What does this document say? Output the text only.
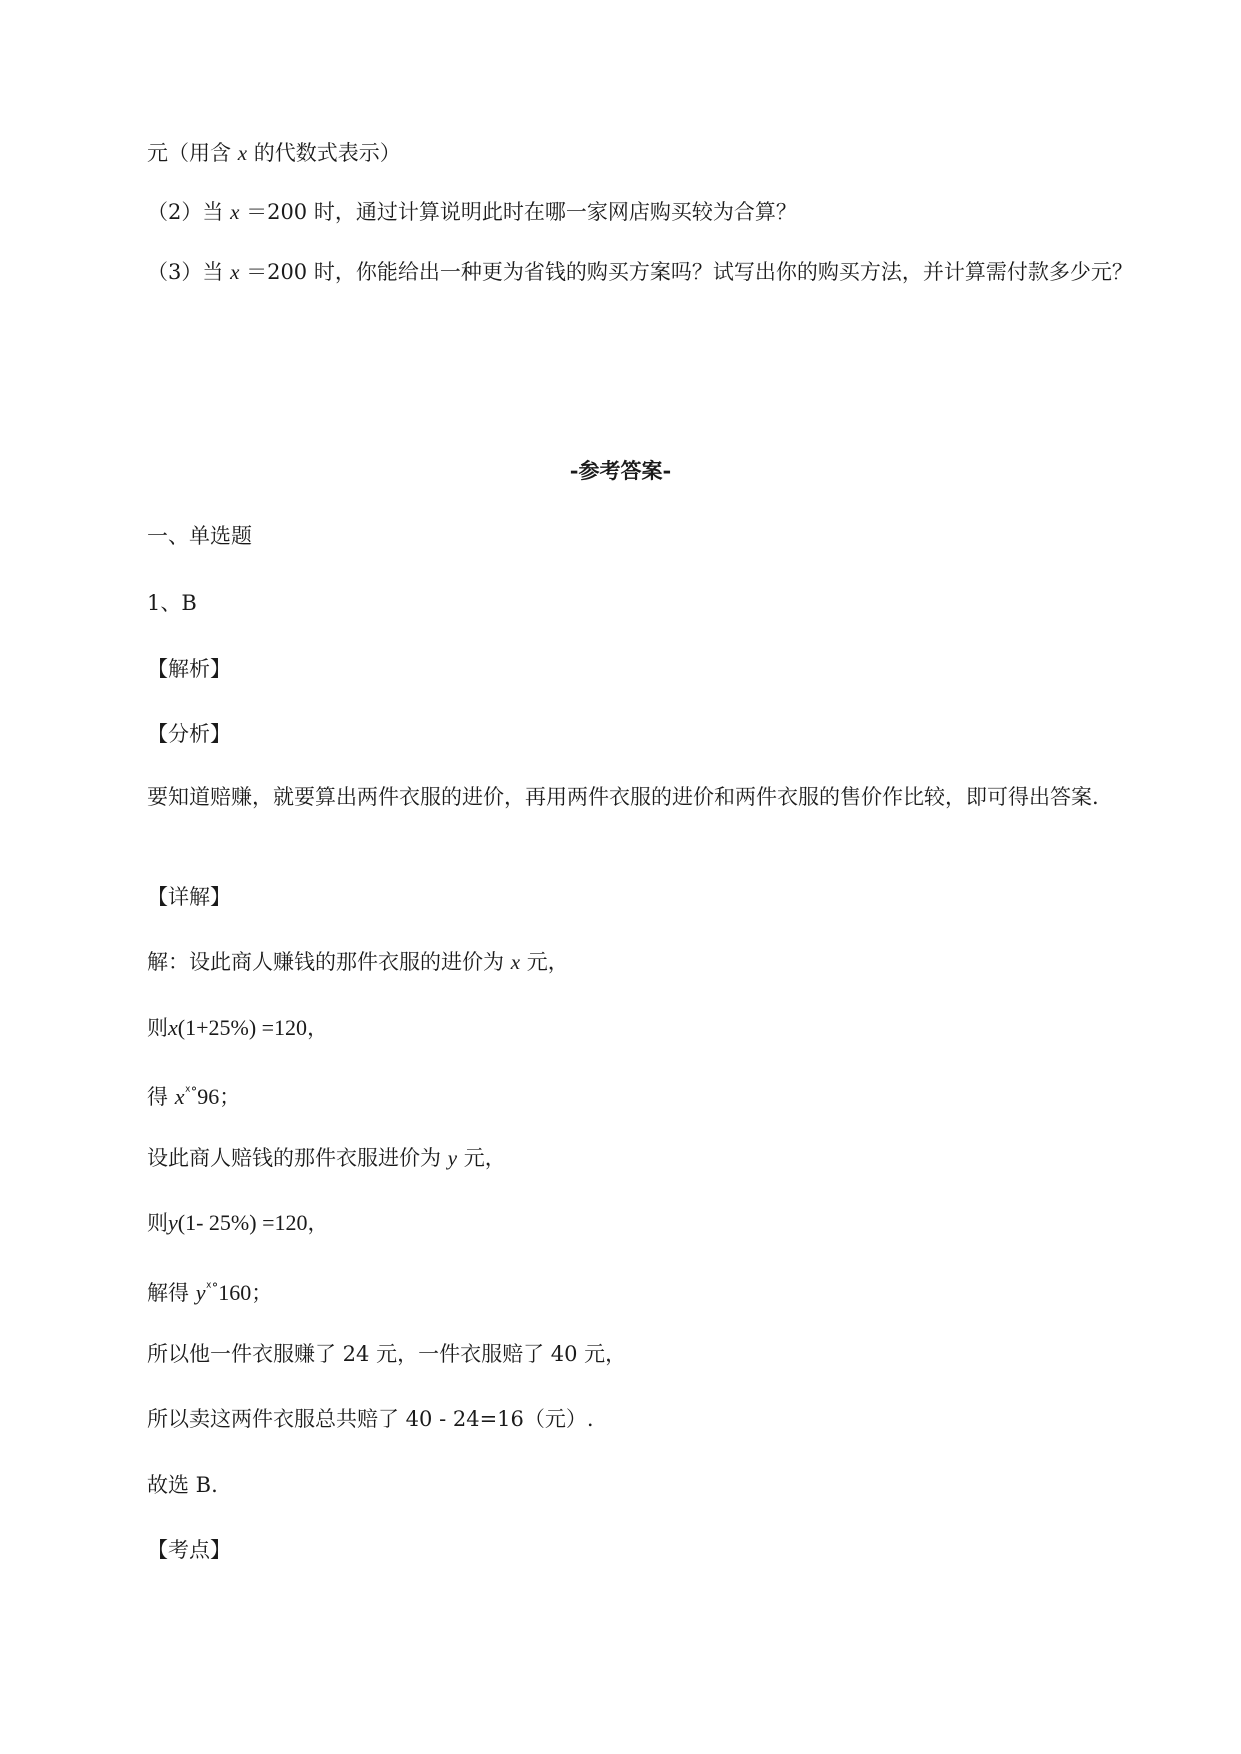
元（用含 x 的代数式表示）
（2）当 x ＝200 时，通过计算说明此时在哪一家网店购买较为合算？
（3）当 x ＝200 时，你能给出一种更为省钱的购买方案吗？试写出你的购买方法，并计算需付款多少元？
-参考答案-
一、单选题
1、B
【解析】
【分析】
要知道赔赚，就要算出两件衣服的进价，再用两件衣服的进价和两件衣服的售价作比较，即可得出答案.
【详解】
解：设此商人赚钱的那件衣服的进价为 x 元，
则x(1+25%) =120，
得 $x^{ᕁ^\circ}96$；
设此商人赔钱的那件衣服进价为 y 元，
则y(1- 25%) =120，
解得 $y^{ᕁ^\circ}160$；
所以他一件衣服赚了 24 元，一件衣服赔了 40 元，
所以卖这两件衣服总共赔了 40 - 24=16（元）.
故选 B.
【考点】
